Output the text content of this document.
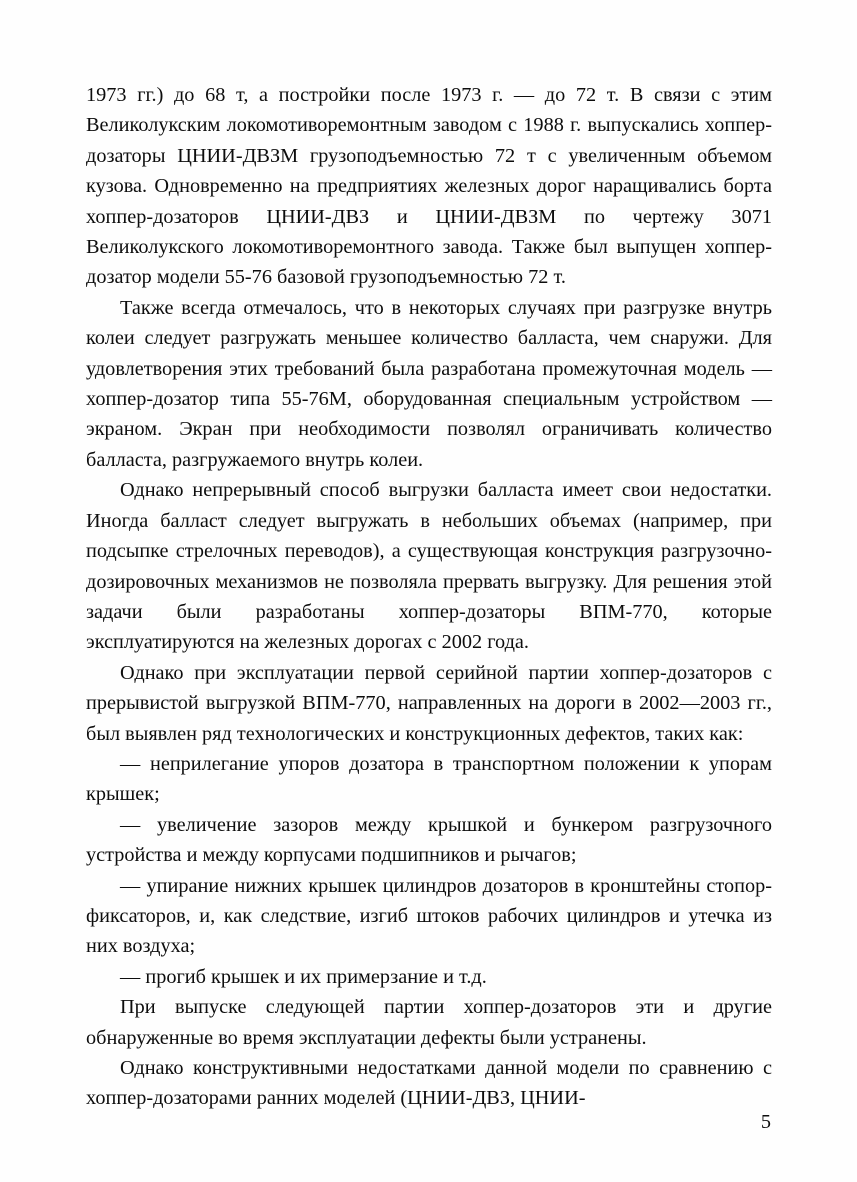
1973 гг.) до 68 т, а постройки после 1973 г. — до 72 т. В связи с этим Великолукским локомотиворемонтным заводом с 1988 г. выпускались хоппер-дозаторы ЦНИИ-ДВЗМ грузоподъемностью 72 т с увеличенным объемом кузова. Одновременно на предприятиях железных дорог наращивались борта хоппер-дозаторов ЦНИИ-ДВЗ и ЦНИИ-ДВЗМ по чертежу 3071 Великолукского локомотиворемонтного завода. Также был выпущен хоппер-дозатор модели 55-76 базовой грузоподъемностью 72 т.

Также всегда отмечалось, что в некоторых случаях при разгрузке внутрь колеи следует разгружать меньшее количество балласта, чем снаружи. Для удовлетворения этих требований была разработана промежуточная модель — хоппер-дозатор типа 55-76М, оборудованная специальным устройством — экраном. Экран при необходимости позволял ограничивать количество балласта, разгружаемого внутрь колеи.

Однако непрерывный способ выгрузки балласта имеет свои недостатки. Иногда балласт следует выгружать в небольших объемах (например, при подсыпке стрелочных переводов), а существующая конструкция разгрузочно-дозировочных механизмов не позволяла прервать выгрузку. Для решения этой задачи были разработаны хоппер-дозаторы ВПМ-770, которые эксплуатируются на железных дорогах с 2002 года.

Однако при эксплуатации первой серийной партии хоппер-дозаторов с прерывистой выгрузкой ВПМ-770, направленных на дороги в 2002—2003 гг., был выявлен ряд технологических и конструкционных дефектов, таких как:

— неприлегание упоров дозатора в транспортном положении к упорам крышек;

— увеличение зазоров между крышкой и бункером разгрузочного устройства и между корпусами подшипников и рычагов;

— упирание нижних крышек цилиндров дозаторов в кронштейны стопор-фиксаторов, и, как следствие, изгиб штоков рабочих цилиндров и утечка из них воздуха;

— прогиб крышек и их примерзание и т.д.

При выпуске следующей партии хоппер-дозаторов эти и другие обнаруженные во время эксплуатации дефекты были устранены.

Однако конструктивными недостатками данной модели по сравнению с хоппер-дозаторами ранних моделей (ЦНИИ-ДВЗ, ЦНИИ-

5
